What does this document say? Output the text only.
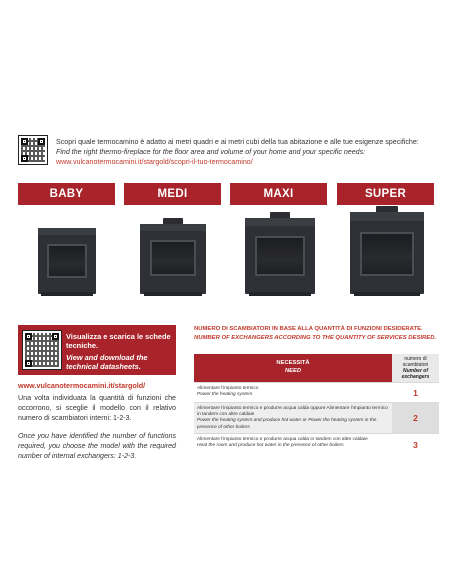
Scopri quale termocamino è adatto ai metri quadri e ai metri cubi della tua abitazione e alle tue esigenze specifiche:
Find the right thermo-fireplace for the floor area and volume of your home and your specific needs:
www.vulcanotermocamini.it/stargold/scopri-il-tuo-termocamino/
BABY	MEDI	MAXI	SUPER
Visualizza e scarica le schede tecniche.
View and download the technical datasheets.
www.vulcanotermocamini.it/stargold/
Una volta individuata la quantità di funzioni che occorrono, si sceglie il modello con il relativo numero di scambiatori interni: 1-2-3.
Once you have identified the number of functions required, you choose the model with the required number of internal exchangers: 1-2-3.
NUMERO DI SCAMBIATORI IN BASE ALLA QUANTITÀ DI FUNZIONI DESIDERATE.
NUMBER OF EXCHANGERS ACCORDING TO THE QUANTITY OF SERVICES DESIRED.
NECESSITÀ
NEED
numero di scambiatori
Number of exchangers
Alimentare l'impianto termico
Power the heating system	1
Alimentare l'impianto termico e produrre acqua calda oppure Alimentare l'impianto termico in tandem con altre caldaie
Power the heating system and produce hot water or Power the heating system in the presence of other boilers
2
Alimentare l'impianto termico e produrre acqua calda in tandem con altre caldaie
Heat the room and produce hot water in the presence of other boilers	3
